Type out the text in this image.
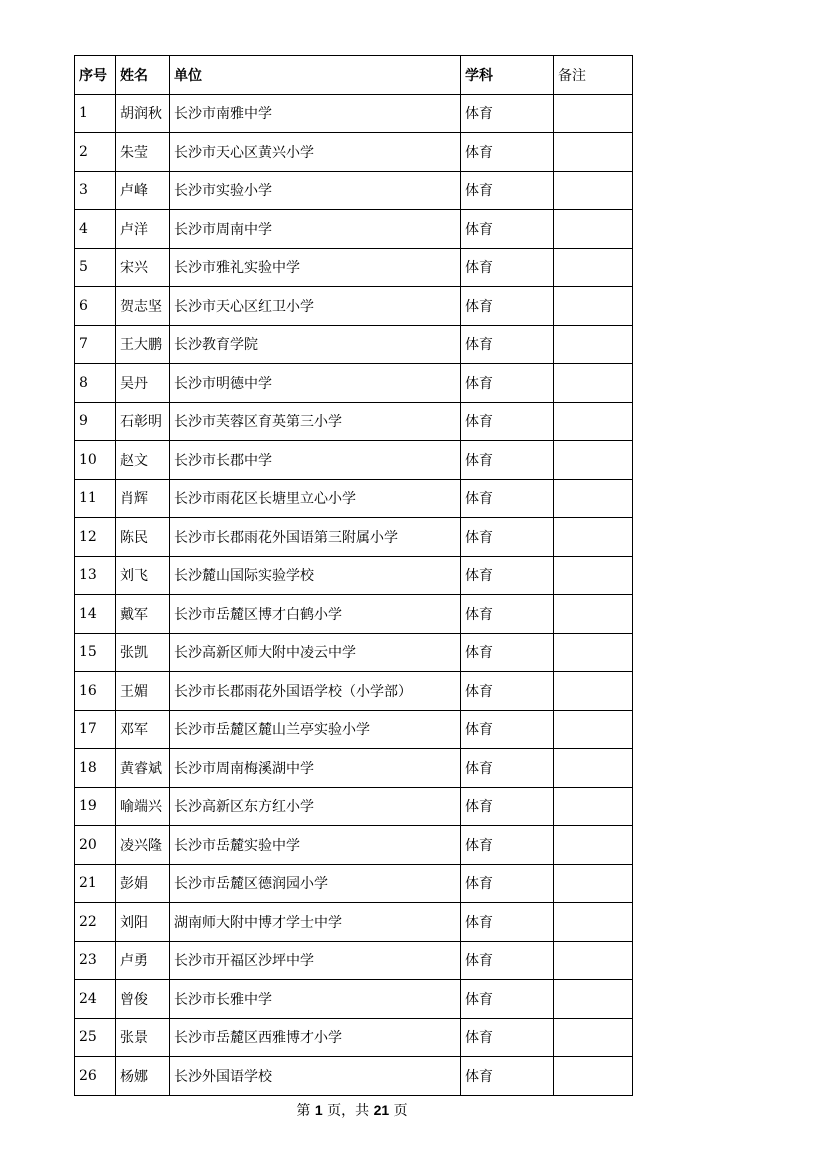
序号	姓名	单位	学科	备注
1	胡润秋	长沙市南雅中学	体育	
2	朱莹	长沙市天心区黄兴小学	体育	
3	卢峰	长沙市实验小学	体育	
4	卢洋	长沙市周南中学	体育	
5	宋兴	长沙市雅礼实验中学	体育	
6	贺志坚	长沙市天心区红卫小学	体育	
7	王大鹏	长沙教育学院	体育	
8	吴丹	长沙市明德中学	体育	
9	石彰明	长沙市芙蓉区育英第三小学	体育	
10	赵文	长沙市长郡中学	体育	
11	肖辉	长沙市雨花区长塘里立心小学	体育	
12	陈民	长沙市长郡雨花外国语第三附属小学	体育	
13	刘飞	长沙麓山国际实验学校	体育	
14	戴军	长沙市岳麓区博才白鹤小学	体育	
15	张凯	长沙高新区师大附中凌云中学	体育	
16	王媚	长沙市长郡雨花外国语学校（小学部）	体育	
17	邓军	长沙市岳麓区麓山兰亭实验小学	体育	
18	黄睿斌	长沙市周南梅溪湖中学	体育	
19	喻端兴	长沙高新区东方红小学	体育	
20	凌兴隆	长沙市岳麓实验中学	体育	
21	彭娟	长沙市岳麓区德润园小学	体育	
22	刘阳	湖南师大附中博才学士中学	体育	
23	卢勇	长沙市开福区沙坪中学	体育	
24	曾俊	长沙市长雅中学	体育	
25	张景	长沙市岳麓区西雅博才小学	体育	
26	杨娜	长沙外国语学校	体育	
第 1 页，共 21 页
